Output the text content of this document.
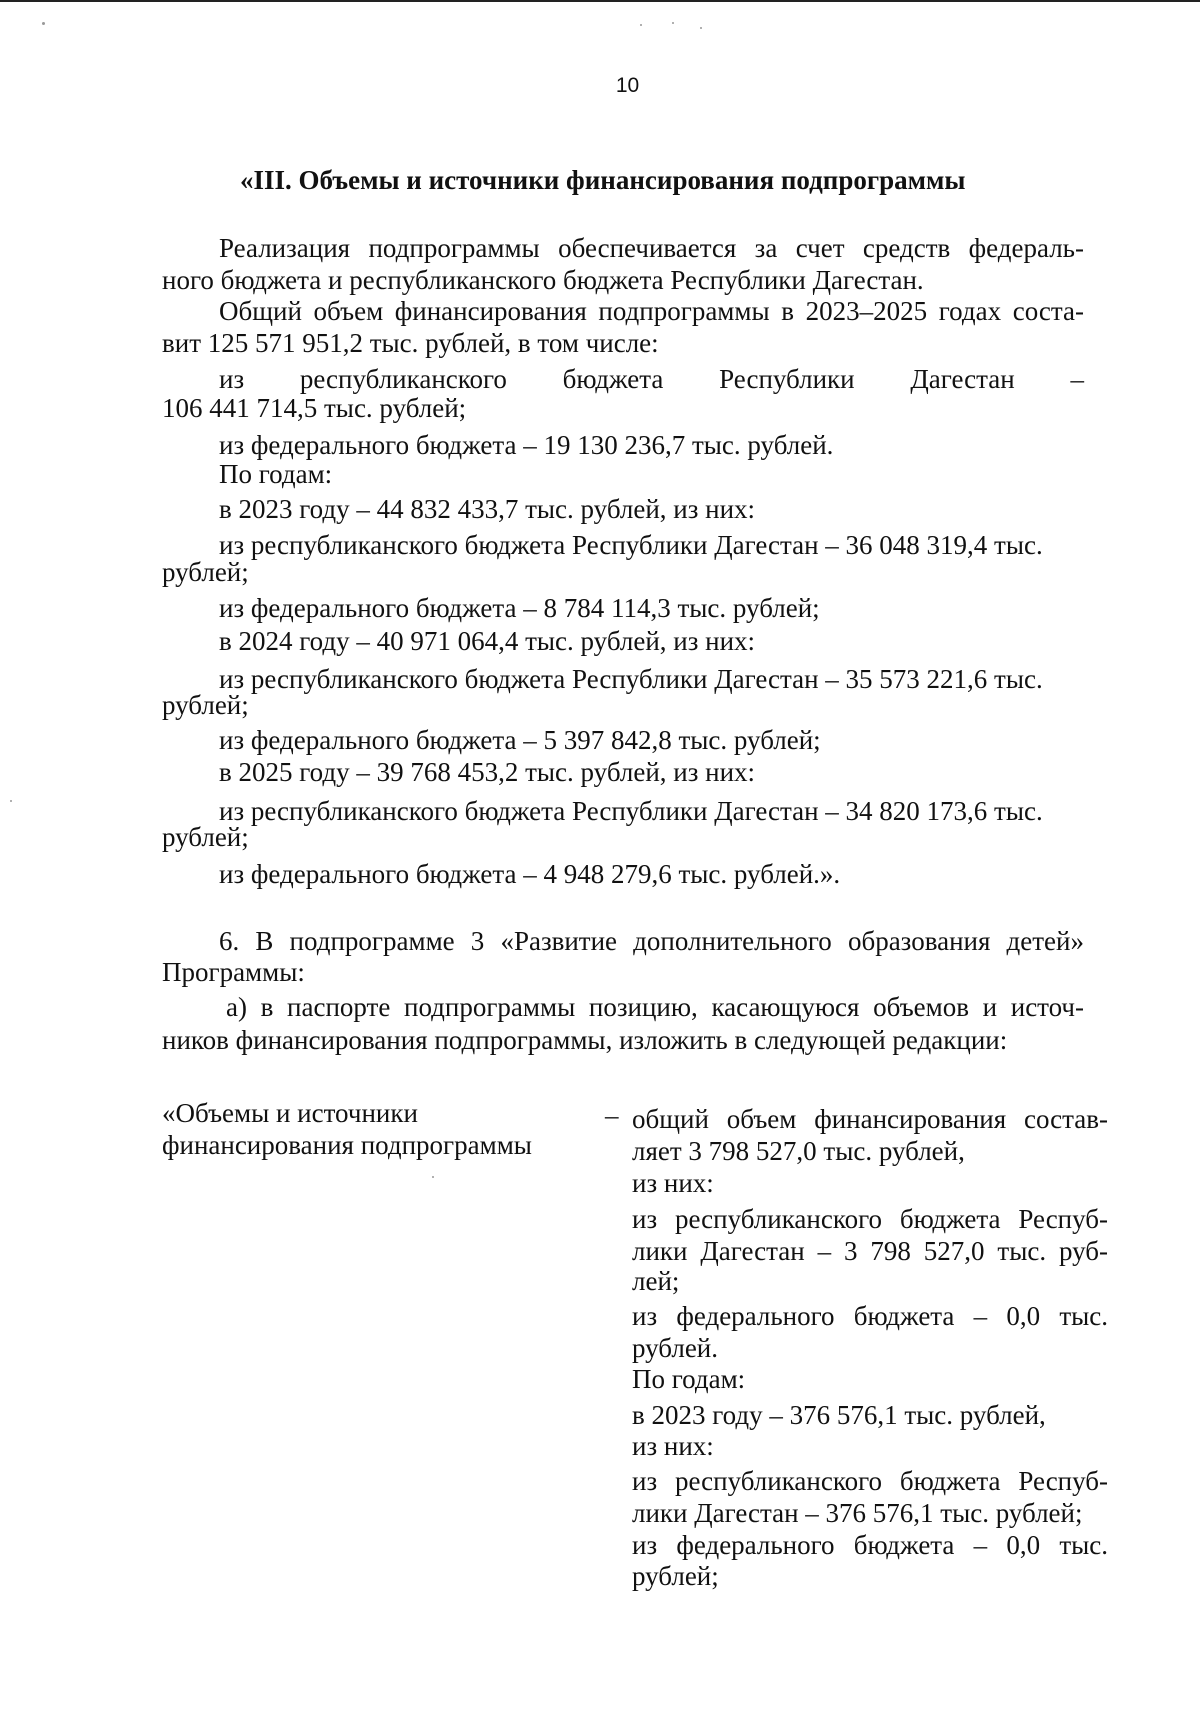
10
«III. Объемы и источники финансирования подпрограммы
Реализация подпрограммы обеспечивается за счет средств федераль-
ного бюджета и республиканского бюджета Республики Дагестан.
Общий объем финансирования подпрограммы в 2023–2025 годах соста-
вит 125 571 951,2 тыс. рублей, в том числе:
из республиканского бюджета Республики Дагестан –
106 441 714,5 тыс. рублей;
из федерального бюджета – 19 130 236,7 тыс. рублей.
По годам:
в 2023 году – 44 832 433,7 тыс. рублей, из них:
из республиканского бюджета Республики Дагестан – 36 048 319,4 тыс.
рублей;
из федерального бюджета – 8 784 114,3 тыс. рублей;
в 2024 году – 40 971 064,4 тыс. рублей, из них:
из республиканского бюджета Республики Дагестан – 35 573 221,6 тыс.
рублей;
из федерального бюджета – 5 397 842,8 тыс. рублей;
в 2025 году – 39 768 453,2 тыс. рублей, из них:
из республиканского бюджета Республики Дагестан – 34 820 173,6 тыс.
рублей;
из федерального бюджета – 4 948 279,6 тыс. рублей.».
6. В подпрограмме 3 «Развитие дополнительного образования детей»
Программы:
а) в паспорте подпрограммы позицию, касающуюся объемов и источ-
ников финансирования подпрограммы, изложить в следующей редакции:
«Объемы и источники
финансирования подпрограммы
– общий объем финансирования состав-
ляет 3 798 527,0 тыс. рублей,
из них:
из республиканского бюджета Респуб-
лики Дагестан – 3 798 527,0 тыс. руб-
лей;
из федерального бюджета – 0,0 тыс.
рублей.
По годам:
в 2023 году – 376 576,1 тыс. рублей,
из них:
из республиканского бюджета Респуб-
лики Дагестан – 376 576,1 тыс. рублей;
из федерального бюджета – 0,0 тыс.
рублей;
